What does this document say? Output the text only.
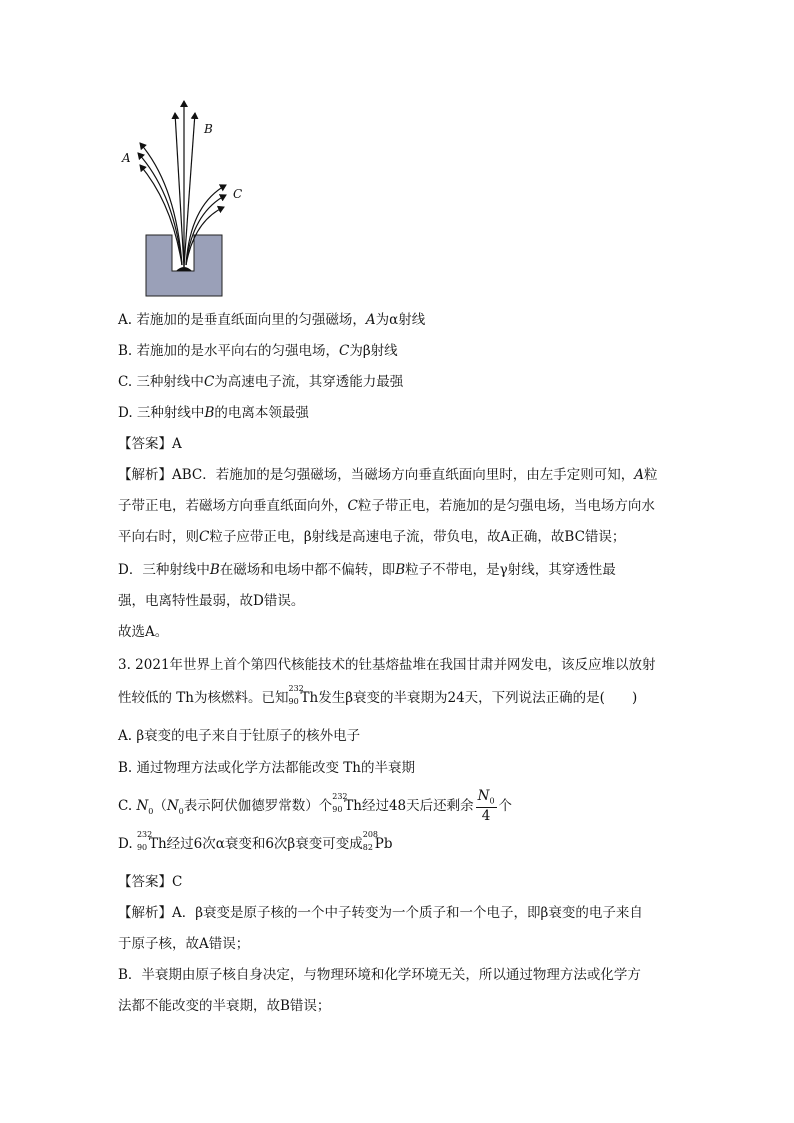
A
B
C
A. 若施加的是垂直纸面向里的匀强磁场，A为α射线
B. 若施加的是水平向右的匀强电场，C为β射线
C. 三种射线中C为高速电子流，其穿透能力最强
D. 三种射线中B的电离本领最强
【答案】A
【解析】ABC．若施加的是匀强磁场，当磁场方向垂直纸面向里时，由左手定则可知，A粒
子带正电，若磁场方向垂直纸面向外，C粒子带正电，若施加的是匀强电场，当电场方向水
平向右时，则C粒子应带正电，β射线是高速电子流，带负电，故A正确，故BC错误；
D．三种射线中B在磁场和电场中都不偏转，即B粒子不带电，是γ射线，其穿透性最
强，电离特性最弱，故D错误。
故选A。
3. 2021年世界上首个第四代核能技术的钍基熔盐堆在我国甘肃并网发电，该反应堆以放射
性较低的 Th为核燃料。已知
232
90 Th发生β衰变的半衰期为24天，下列说法正确的是(　　)
A. β衰变的电子来自于钍原子的核外电子
B. 通过物理方法或化学方法都能改变 Th的半衰期
C. $N_0(N_0$表示阿伏伽德罗常数）个
232
90 Th经过48天后还剩余 $\frac{N_0}{4}$ 个
D.
232
90 Th经过6次α衰变和6次β衰变可变成
208
82 Pb
【答案】C
【解析】A．β衰变是原子核的一个中子转变为一个质子和一个电子，即β衰变的电子来自
于原子核，故A错误；
B．半衰期由原子核自身决定，与物理环境和化学环境无关，所以通过物理方法或化学方
法都不能改变的半衰期，故B错误；
